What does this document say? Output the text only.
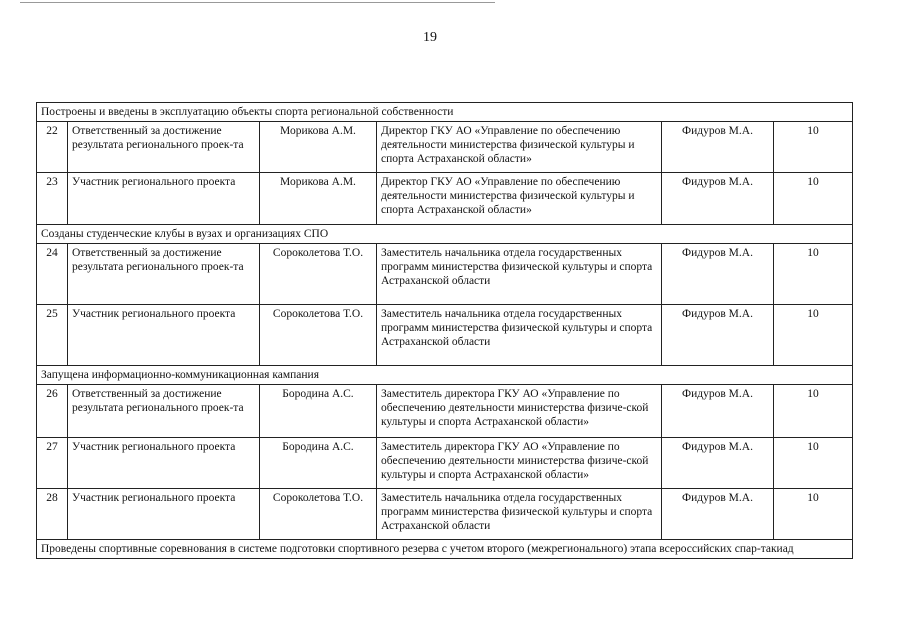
19
Построены и введены в эксплуатацию объекты спорта региональной собственности					
22	Ответственный за достижение результата регионального проек-та	Морикова А.М.	Директор ГКУ АО «Управление по обеспечению деятельности министерства физической культуры и спорта Астраханской области»	Фидуров М.А.	10
23	Участник регионального проекта	Морикова А.М.	Директор ГКУ АО «Управление по обеспечению деятельности министерства физической культуры и спорта Астраханской области»	Фидуров М.А.	10
Созданы студенческие клубы в вузах и организациях СПО					
24	Ответственный за достижение результата регионального проек-та	Сороколетова Т.О.	Заместитель начальника отдела государственных программ министерства физической культуры и спорта Астраханской области	Фидуров М.А.	10
25	Участник регионального проекта	Сороколетова Т.О.	Заместитель начальника отдела государственных программ министерства физической культуры и спорта Астраханской области	Фидуров М.А.	10
Запущена информационно-коммуникационная кампания					
26	Ответственный за достижение результата регионального проек-та	Бородина А.С.	Заместитель директора ГКУ АО «Управление по обеспечению деятельности министерства физиче-ской культуры и спорта Астраханской области»	Фидуров М.А.	10
27	Участник регионального проекта	Бородина А.С.	Заместитель директора ГКУ АО «Управление по обеспечению деятельности министерства физиче-ской культуры и спорта Астраханской области»	Фидуров М.А.	10
28	Участник регионального проекта	Сороколетова Т.О.	Заместитель начальника отдела государственных программ министерства физической культуры и спорта Астраханской области	Фидуров М.А.	10
Проведены спортивные соревнования в системе подготовки спортивного резерва с учетом второго (межрегионального) этапа всероссийских спар-такиад					
